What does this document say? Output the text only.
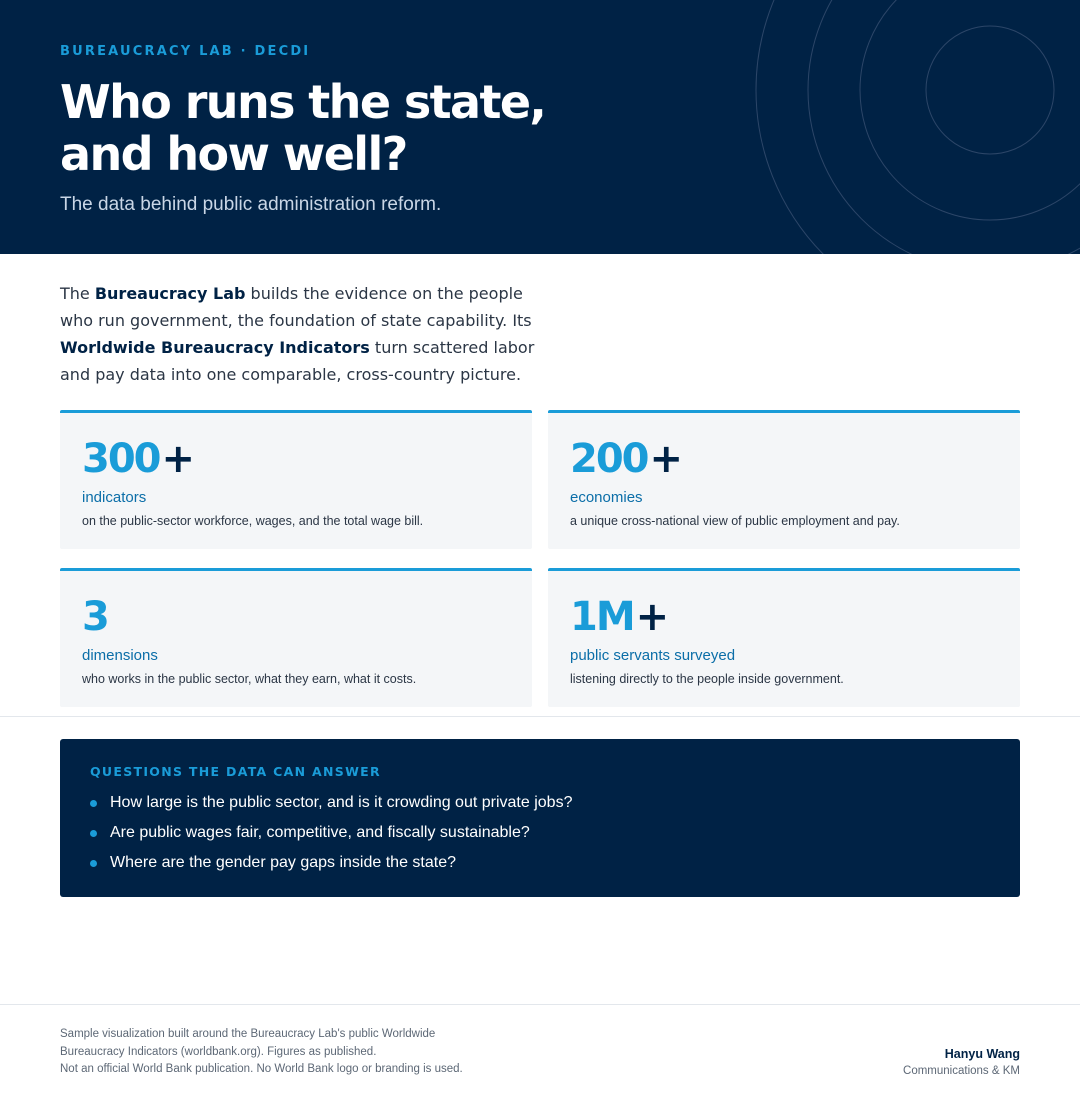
BUREAUCRACY LAB · DECDI
Who runs the state,
and how well?

The data behind public administration reform.

The Bureaucracy Lab builds the evidence on the people who run government, the foundation of state capability. Its Worldwide Bureaucracy Indicators turn scattered labor and pay data into one comparable, cross-country picture.

300+
indicators
on the public-sector workforce, wages, and the total wage bill.
200+
economies
a unique cross-national view of public employment and pay.
3
dimensions
who works in the public sector, what they earn, what it costs.
1M+
public servants surveyed
listening directly to the people inside government.
QUESTIONS THE DATA CAN ANSWER
How large is the public sector, and is it crowding out private jobs?
Are public wages fair, competitive, and fiscally sustainable?
Where are the gender pay gaps inside the state?
Sample visualization built around the Bureaucracy Lab's public Worldwide
Bureaucracy Indicators (worldbank.org). Figures as published.
Not an official World Bank publication. No World Bank logo or branding is used.
Hanyu Wang
Communications & KM
